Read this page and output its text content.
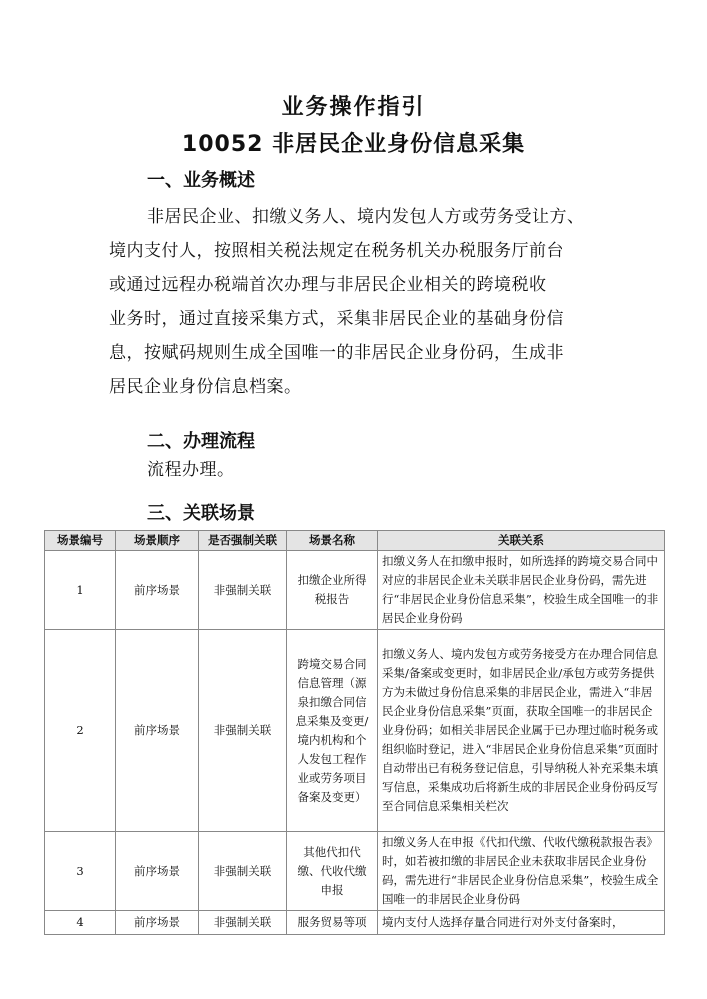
业务操作指引
10052 非居民企业身份信息采集
一、业务概述
非居民企业、扣缴义务人、境内发包人方或劳务受让方、
境内支付人，按照相关税法规定在税务机关办税服务厅前台
或通过远程办税端首次办理与非居民企业相关的跨境税收
业务时，通过直接采集方式，采集非居民企业的基础身份信
息，按赋码规则生成全国唯一的非居民企业身份码，生成非
居民企业身份信息档案。
二、办理流程
流程办理。
三、关联场景
场景编号	场景顺序	是否强制关联	场景名称	关联关系
1	前序场景	非强制关联	扣缴企业所得税报告	扣缴义务人在扣缴申报时，如所选择的跨境交易合同中对应的非居民企业未关联非居民企业身份码，需先进行“非居民企业身份信息采集”，校验生成全国唯一的非居民企业身份码
2	前序场景	非强制关联	跨境交易合同信息管理（源泉扣缴合同信息采集及变更/境内机构和个人发包工程作业或劳务项目备案及变更）	扣缴义务人、境内发包方或劳务接受方在办理合同信息采集/备案或变更时，如非居民企业/承包方或劳务提供方为未做过身份信息采集的非居民企业，需进入“非居民企业身份信息采集”页面，获取全国唯一的非居民企业身份码；如相关非居民企业属于已办理过临时税务或组织临时登记，进入“非居民企业身份信息采集”页面时自动带出已有税务登记信息，引导纳税人补充采集未填写信息，采集成功后将新生成的非居民企业身份码反写至合同信息采集相关栏次
3	前序场景	非强制关联	其他代扣代缴、代收代缴申报	扣缴义务人在申报《代扣代缴、代收代缴税款报告表》时，如若被扣缴的非居民企业未获取非居民企业身份码，需先进行“非居民企业身份信息采集”，校验生成全国唯一的非居民企业身份码
4	前序场景	非强制关联	服务贸易等项	境内支付人选择存量合同进行对外支付备案时，
